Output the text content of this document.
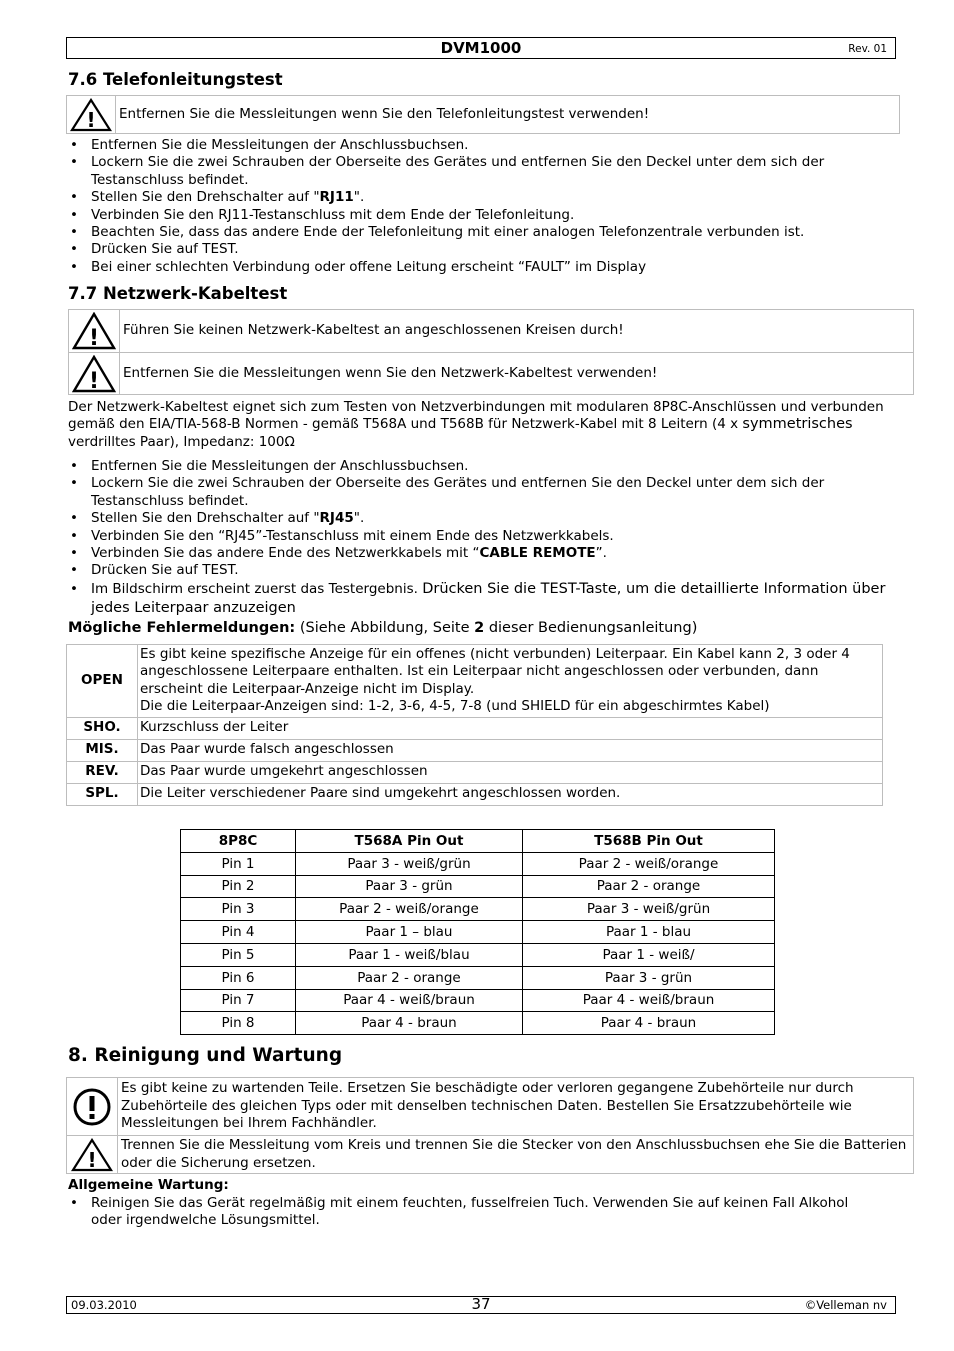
DVM1000	Rev. 01
7.6 Telefonleitungstest
! Entfernen Sie die Messleitungen wenn Sie den Telefonleitungstest verwenden!
• Entfernen Sie die Messleitungen der Anschlussbuchsen.
• Lockern Sie die zwei Schrauben der Oberseite des Gerätes und entfernen Sie den Deckel unter dem sich der Testanschluss befindet.
• Stellen Sie den Drehschalter auf "RJ11".
• Verbinden Sie den RJ11-Testanschluss mit dem Ende der Telefonleitung.
• Beachten Sie, dass das andere Ende der Telefonleitung mit einer analogen Telefonzentrale verbunden ist.
• Drücken Sie auf TEST.
• Bei einer schlechten Verbindung oder offene Leitung erscheint “FAULT” im Display
7.7 Netzwerk-Kabeltest
! Führen Sie keinen Netzwerk-Kabeltest an angeschlossenen Kreisen durch!
! Entfernen Sie die Messleitungen wenn Sie den Netzwerk-Kabeltest verwenden!
Der Netzwerk-Kabeltest eignet sich zum Testen von Netzverbindungen mit modularen 8P8C-Anschlüssen und verbunden gemäß den EIA/TIA-568-B Normen - gemäß T568A und T568B für Netzwerk-Kabel mit 8 Leitern (4 x symmetrisches verdrilltes Paar), Impedanz: 100Ω
• Entfernen Sie die Messleitungen der Anschlussbuchsen.
• Lockern Sie die zwei Schrauben der Oberseite des Gerätes und entfernen Sie den Deckel unter dem sich der Testanschluss befindet.
• Stellen Sie den Drehschalter auf "RJ45".
• Verbinden Sie den “RJ45”-Testanschluss mit einem Ende des Netzwerkkabels.
• Verbinden Sie das andere Ende des Netzwerkkabels mit “CABLE REMOTE”.
• Drücken Sie auf TEST.
• Im Bildschirm erscheint zuerst das Testergebnis. Drücken Sie die TEST-Taste, um die detaillierte Information über jedes Leiterpaar anzuzeigen
Mögliche Fehlermeldungen: (Siehe Abbildung, Seite 2 dieser Bedienungsanleitung)
OPEN	Es gibt keine spezifische Anzeige für ein offenes (nicht verbunden) Leiterpaar. Ein Kabel kann 2, 3 oder 4 angeschlossene Leiterpaare enthalten. Ist ein Leiterpaar nicht angeschlossen oder verbunden, dann erscheint die Leiterpaar-Anzeige nicht im Display.
Die die Leiterpaar-Anzeigen sind: 1-2, 3-6, 4-5, 7-8 (und SHIELD für ein abgeschirmtes Kabel)

SHO.	Kurzschluss der Leiter
MIS.	Das Paar wurde falsch angeschlossen
REV.	Das Paar wurde umgekehrt angeschlossen
SPL.	Die Leiter verschiedener Paare sind umgekehrt angeschlossen worden.
8P8C	T568A Pin Out	T568B Pin Out
Pin 1	Paar 3 - weiß/grün	Paar 2 - weiß/orange
Pin 2	Paar 3 - grün	Paar 2 - orange
Pin 3	Paar 2 - weiß/orange	Paar 3 - weiß/grün
Pin 4	Paar 1 – blau	Paar 1 - blau
Pin 5	Paar 1 - weiß/blau	Paar 1 - weiß/
Pin 6	Paar 2 - orange	Paar 3 - grün
Pin 7	Paar 4 - weiß/braun	Paar 4 - weiß/braun
Pin 8	Paar 4 - braun	Paar 4 - braun
8. Reinigung und Wartung
Es gibt keine zu wartenden Teile. Ersetzen Sie beschädigte oder verloren gegangene Zubehörteile nur durch Zubehörteile des gleichen Typs oder mit denselben technischen Daten. Bestellen Sie Ersatzzubehörteile wie Messleitungen bei Ihrem Fachhändler.
!
Trennen Sie die Messleitung vom Kreis und trennen Sie die Stecker von den Anschlussbuchsen ehe Sie die Batterien oder die Sicherung ersetzen.
Allgemeine Wartung:
• Reinigen Sie das Gerät regelmäßig mit einem feuchten, fusselfreien Tuch. Verwenden Sie auf keinen Fall Alkohol oder irgendwelche Lösungsmittel.
09.03.2010	37	©Velleman nv
